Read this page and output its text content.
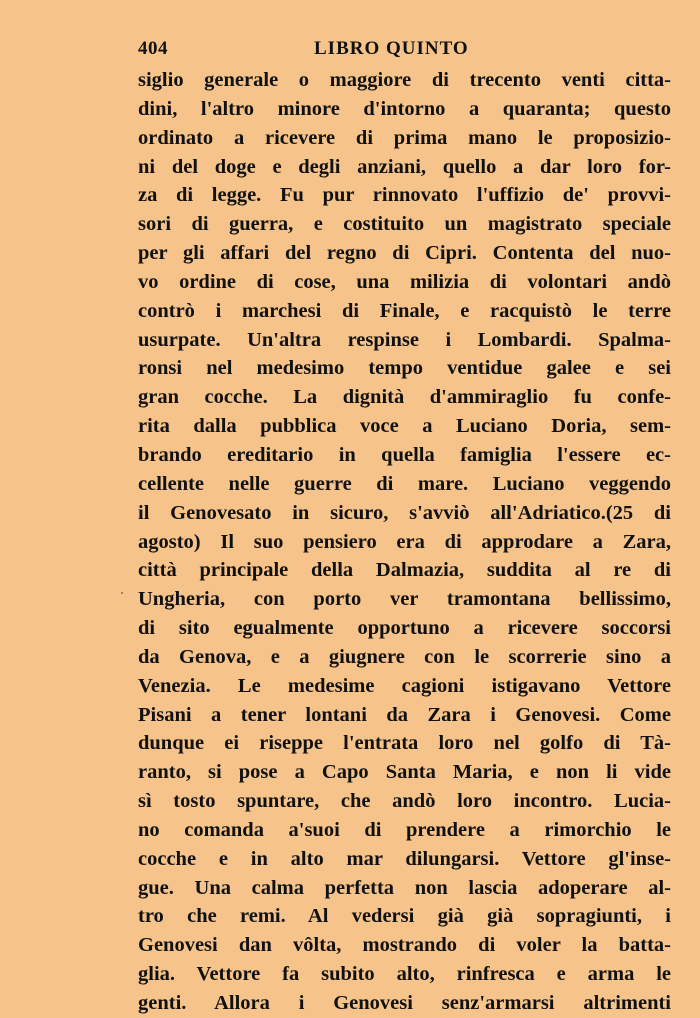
404	LIBRO QUINTO
siglio generale o maggiore di trecento venti citta-
dini, l'altro minore d'intorno a quaranta; questo
ordinato a ricevere di prima mano le proposizio-
ni del doge e degli anziani, quello a dar loro for-
za di legge. Fu pur rinnovato l'uffizio de' provvi-
sori di guerra, e costituito un magistrato speciale
per gli affari del regno di Cipri. Contenta del nuo-
vo ordine di cose, una milizia di volontari andò
contrò i marchesi di Finale, e racquistò le terre
usurpate. Un'altra respinse i Lombardi. Spalma-
ronsi nel medesimo tempo ventidue galee e sei
gran cocche. La dignità d'ammiraglio fu confe-
rita dalla pubblica voce a Luciano Doria, sem-
brando ereditario in quella famiglia l'essere ec-
cellente nelle guerre di mare. Luciano veggendo
il Genovesato in sicuro, s'avviò all'Adriatico.(25 di
agosto) Il suo pensiero era di approdare a Zara,
città principale della Dalmazia, suddita al re di
Ungheria, con porto ver tramontana bellissimo,
di sito egualmente opportuno a ricevere soccorsi
da Genova, e a giugnere con le scorrerie sino a
Venezia. Le medesime cagioni istigavano Vettore
Pisani a tener lontani da Zara i Genovesi. Come
dunque ei riseppe l'entrata loro nel golfo di Tà-
ranto, si pose a Capo Santa Maria, e non li vide
sì tosto spuntare, che andò loro incontro. Lucia-
no comanda a'suoi di prendere a rimorchio le
cocche e in alto mar dilungarsi. Vettore gl'inse-
gue. Una calma perfetta non lascia adoperare al-
tro che remi. Al vedersi già già sopragiunti, i
Genovesi dan vôlta, mostrando di voler la batta-
glia. Vettore fa subito alto, rinfresca e arma le
genti. Allora i Genovesi senz'armarsi altrimenti
